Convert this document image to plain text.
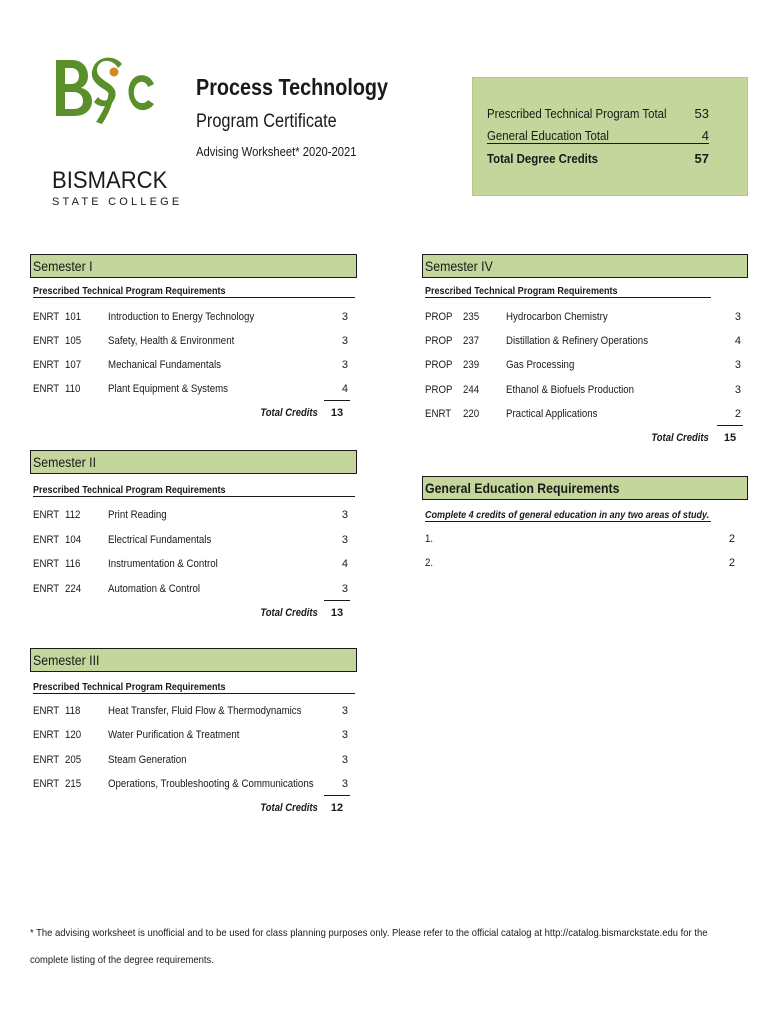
BISMARCK
STATE COLLEGE
Process Technology
Program Certificate
Advising Worksheet* 2020-2021
Prescribed Technical Program Total 53
General Education Total	4
Total Degree Credits	57
Semester I
Prescribed Technical Program Requirements
ENRT 101 Introduction to Energy Technology	3
ENRT 105 Safety, Health & Environment	3
ENRT 107 Mechanical Fundamentals	3
ENRT 110	Plant Equipment & Systems	4
Total Credits	13
Semester II
Prescribed Technical Program Requirements
ENRT 112	Print Reading	3
ENRT 104 Electrical Fundamentals	3
ENRT 116	Instrumentation & Control	4
ENRT 224 Automation & Control	3
Total Credits	13
Semester III
Prescribed Technical Program Requirements
ENRT 118	Heat Transfer, Fluid Flow & Thermodynamics	3
ENRT 120 Water Purification & Treatment	3
ENRT 205 Steam Generation	3
ENRT 215 Operations, Troubleshooting & Communications	3
Total Credits	12
Semester IV
Prescribed Technical Program Requirements
PROP 235 Hydrocarbon Chemistry	3
PROP 237 Distillation & Refinery Operations	4
PROP 239 Gas Processing	3
PROP 244 Ethanol & Biofuels Production	3
ENRT 220 Practical Applications	2
Total Credits	15
General Education Requirements
Complete 4 credits of general education in any two areas of study.
1.	2
2.	2
* The advising worksheet is unofficial and to be used for class planning purposes only. Please refer to the official catalog at http://catalog.bismarckstate.edu for the complete listing of the degree requirements.
